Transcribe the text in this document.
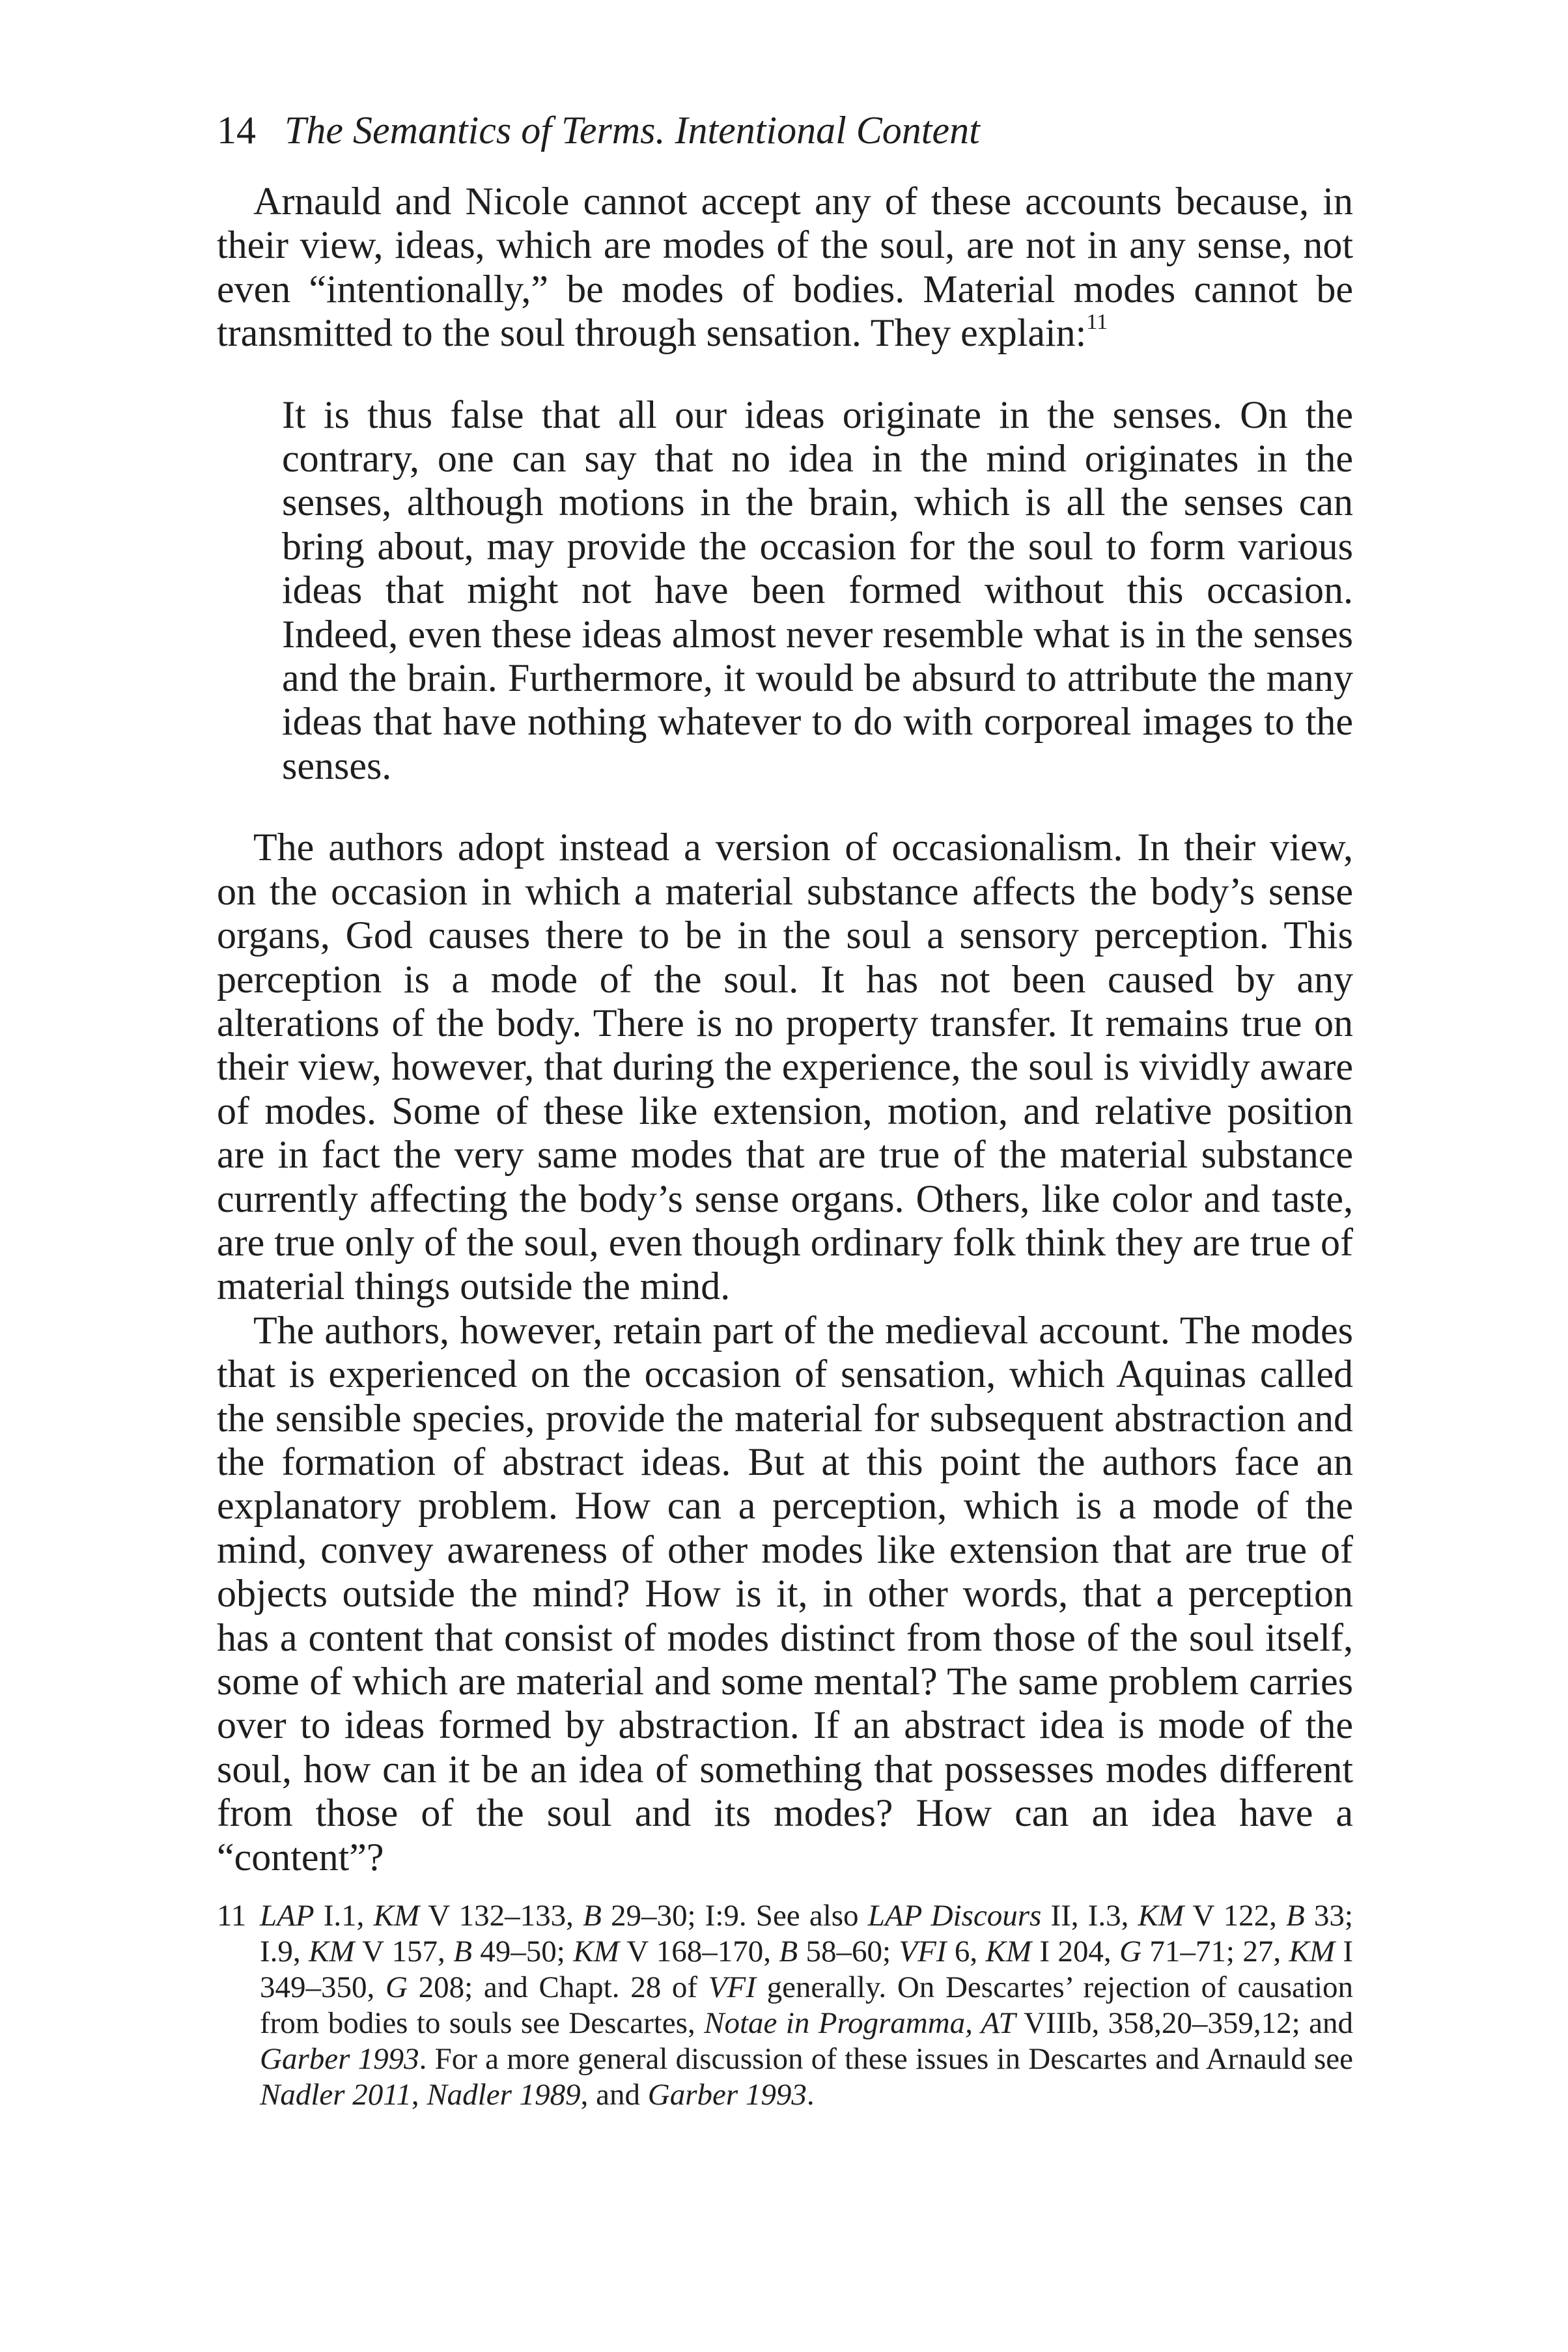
14 The Semantics of Terms. Intentional Content

Arnauld and Nicole cannot accept any of these accounts because, in their view, ideas, which are modes of the soul, are not in any sense, not even “intentionally,” be modes of bodies. Material modes cannot be transmitted to the soul through sensation. They explain:$^{11}$

It is thus false that all our ideas originate in the senses. On the contrary, one can say that no idea in the mind originates in the senses, although motions in the brain, which is all the senses can bring about, may provide the occasion for the soul to form various ideas that might not have been formed without this occasion. Indeed, even these ideas almost never resemble what is in the senses and the brain. Furthermore, it would be absurd to attribute the many ideas that have nothing whatever to do with corporeal images to the senses.

The authors adopt instead a version of occasionalism. In their view, on the occasion in which a material substance affects the body’s sense organs, God causes there to be in the soul a sensory perception. This perception is a mode of the soul. It has not been caused by any alterations of the body. There is no property transfer. It remains true on their view, however, that during the experience, the soul is vividly aware of modes. Some of these like extension, motion, and relative position are in fact the very same modes that are true of the material substance currently affecting the body’s sense organs. Others, like color and taste, are true only of the soul, even though ordinary folk think they are true of material things outside the mind.

The authors, however, retain part of the medieval account. The modes that is experienced on the occasion of sensation, which Aquinas called the sensible species, provide the material for subsequent abstraction and the formation of abstract ideas. But at this point the authors face an explanatory problem. How can a perception, which is a mode of the mind, convey awareness of other modes like extension that are true of objects outside the mind? How is it, in other words, that a perception has a content that consist of modes distinct from those of the soul itself, some of which are material and some mental? The same problem carries over to ideas formed by abstraction. If an abstract idea is mode of the soul, how can it be an idea of something that possesses modes different from those of the soul and its modes? How can an idea have a “content”?

11 LAP I.1, KM V 132–133, B 29–30; I:9. See also LAP Discours II, I.3, KM V 122, B 33; I.9, KM V 157, B 49–50; KM V 168–170, B 58–60; VFI 6, KM I 204, G 71–71; 27, KM I 349–350, G 208; and Chapt. 28 of VFI generally. On Descartes’ rejection of causation from bodies to souls see Descartes, Notae in Programma, AT VIIIb, 358,20–359,12; and Garber 1993. For a more general discussion of these issues in Descartes and Arnauld see Nadler 2011, Nadler 1989, and Garber 1993.
